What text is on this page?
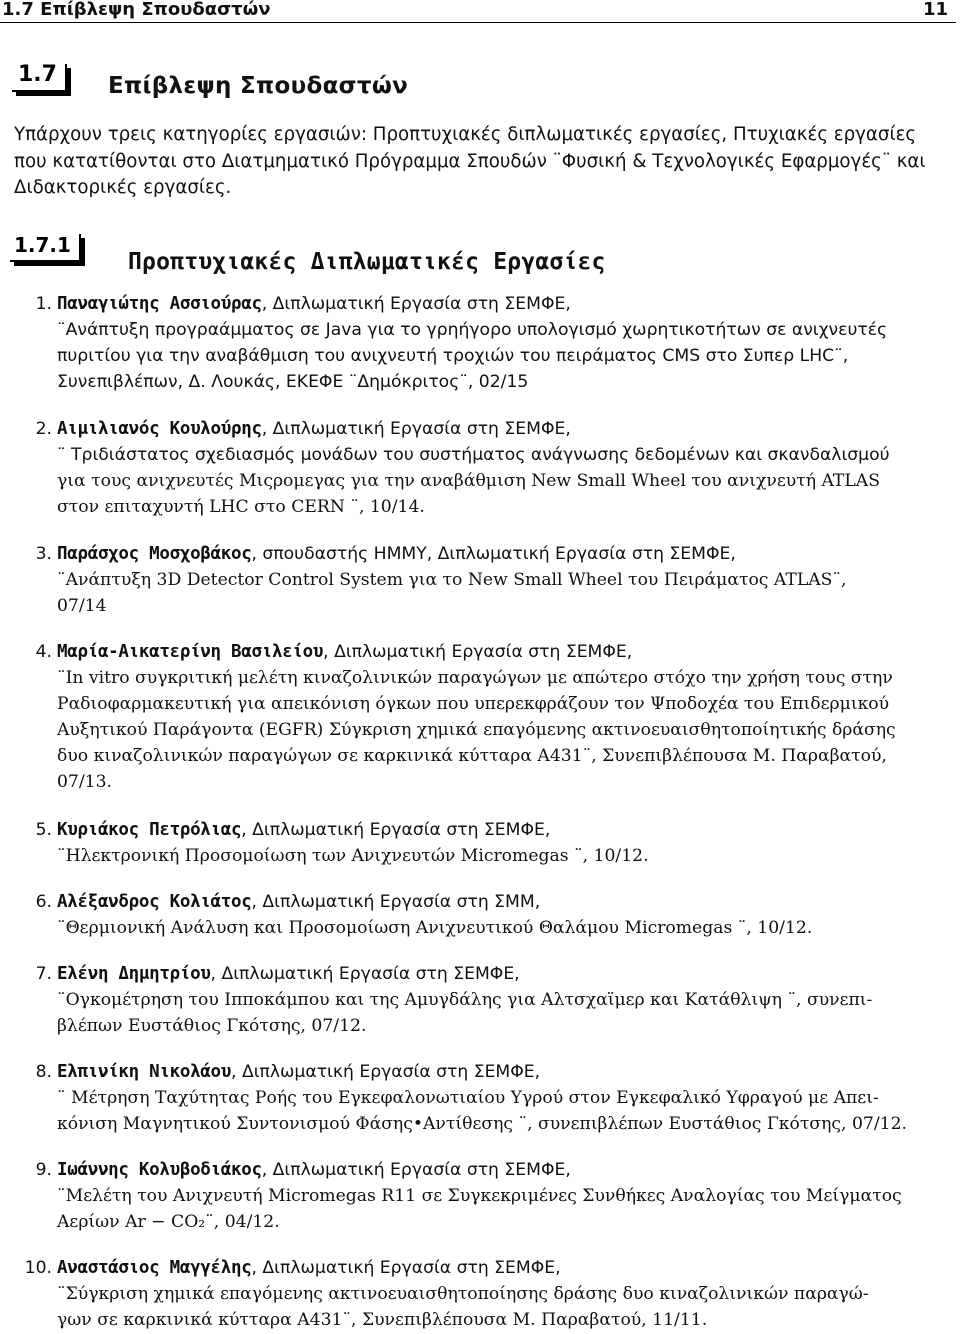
1.7 Επίβλεψη Σπουδαστών	11
1.7	Επίβλεψη Σπουδαστών
Υπάρχουν τρεις κατηγορίες εργασιών: Προπτυχιακές διπλωματικές εργασίες, Πτυχιακές εργασίες
που κατατίθονται στο Διατμηματικό Πρόγραμμα Σπουδών ¨Φυσική & Τεχνολογικές Εφαρμογές¨ και
Διδακτορικές εργασίες.
1.7.1
Προπτυχιακές Διπλωματικές Εργασίες
1. Παναγιώτης Ασσιούρας, Διπλωματική Εργασία στη ΣΕΜΦΕ,
¨Ανάπτυξη προγραάμματος σε Java για το γρηήγορο υπολογισμό χωρητικοτήτων σε ανιχνευτές
πυριτίου για την αναβάθμιση του ανιχνευτή τροχιών του πειράματος CMS στο Συπερ LHC¨,
Συνεπιβλέπων, Δ. Λουκάς, ΕΚΕΦΕ ¨Δημόκριτος¨, 02/15
2. Αιμιλιανός Κουλούρης, Διπλωματική Εργασία στη ΣΕΜΦΕ,
¨ Τριδιάστατος σχεδιασμός μονάδων του συστήματος ανάγνωσης δεδομένων και σκανδαλισμού
για τους ανιχνευτές Μιςρομεγας για την αναβάθμιση New Small Wheel του ανιχνευτή ATLAS
στον επιταχυντή LHC στο CERN ¨, 10/14.
3. Παράσχος Μοσχοβάκος, σπουδαστής ΗΜΜΥ, Διπλωματική Εργασία στη ΣΕΜΦΕ,
¨Ανάπτυξη 3D Detector Control System για το New Small Wheel του Πειράματος ATLAS¨,
07/14
4. Μαρία-Αικατερίνη Βασιλείου, Διπλωματική Εργασία στη ΣΕΜΦΕ,
¨In vitro συγκριτική μελέτη κιναζολινικών παραγώγων με απώτερο στόχο την χρήση τους στην
Ραδιοφαρμακευτική για απεικόνιση όγκων που υπερεκφράζουν τον Ψποδοχέα του Επιδερμικού
Αυξητικού Παράγοντα (EGFR) Σύγκριση χημικά επαγόμενης ακτινοευαισθητοποίητικής δράσης
δυο κιναζολινικών παραγώγων σε καρκινικά κύτταρα A431¨, Συνεπιβλέπουσα Μ. Παραβατού,
07/13.
5. Κυριάκος Πετρόλιας, Διπλωματική Εργασία στη ΣΕΜΦΕ,
¨Ηλεκτρονική Προσομοίωση των Ανιχνευτών Micromegas ¨, 10/12.
6. Αλέξανδρος Κολιάτος, Διπλωματική Εργασία στη ΣΜΜ,
¨Θερμιονική Ανάλυση και Προσομοίωση Ανιχνευτικού Θαλάμου Micromegas ¨, 10/12.
7. Ελένη Δημητρίου, Διπλωματική Εργασία στη ΣΕΜΦΕ,
¨Ογκομέτρηση του Ιπποκάμπου και της Αμυγδάλης για Αλτσχαϊμερ και Κατάθλιψη ¨, συνεπι-
βλέπων Ευστάθιος Γκότσης, 07/12.
8. Ελπινίκη Νικολάου, Διπλωματική Εργασία στη ΣΕΜΦΕ,
¨ Μέτρηση Ταχύτητας Ροής του Εγκεφαλονωτιαίου Υγρού στον Εγκεφαλικό Υφραγού με Απει-
κόνιση Μαγνητικού Συντονισμού Φάσης•Αντίθεσης ¨, συνεπιβλέπων Ευστάθιος Γκότσης, 07/12.
9. Ιωάννης Κολυβοδιάκος, Διπλωματική Εργασία στη ΣΕΜΦΕ,
¨Μελέτη του Ανιχνευτή Micromegas R11 σε Συγκεκριμένες Συνθήκες Αναλογίας του Μείγματος
Αερίων Ar − CO₂¨, 04/12.
10. Αναστάσιος Μαγγέλης, Διπλωματική Εργασία στη ΣΕΜΦΕ,
¨Σύγκριση χημικά επαγόμενης ακτινοευαισθητοποίησης δράσης δυο κιναζολινικών παραγώ-
γων σε καρκινικά κύτταρα A431¨, Συνεπιβλέπουσα Μ. Παραβατού, 11/11.
